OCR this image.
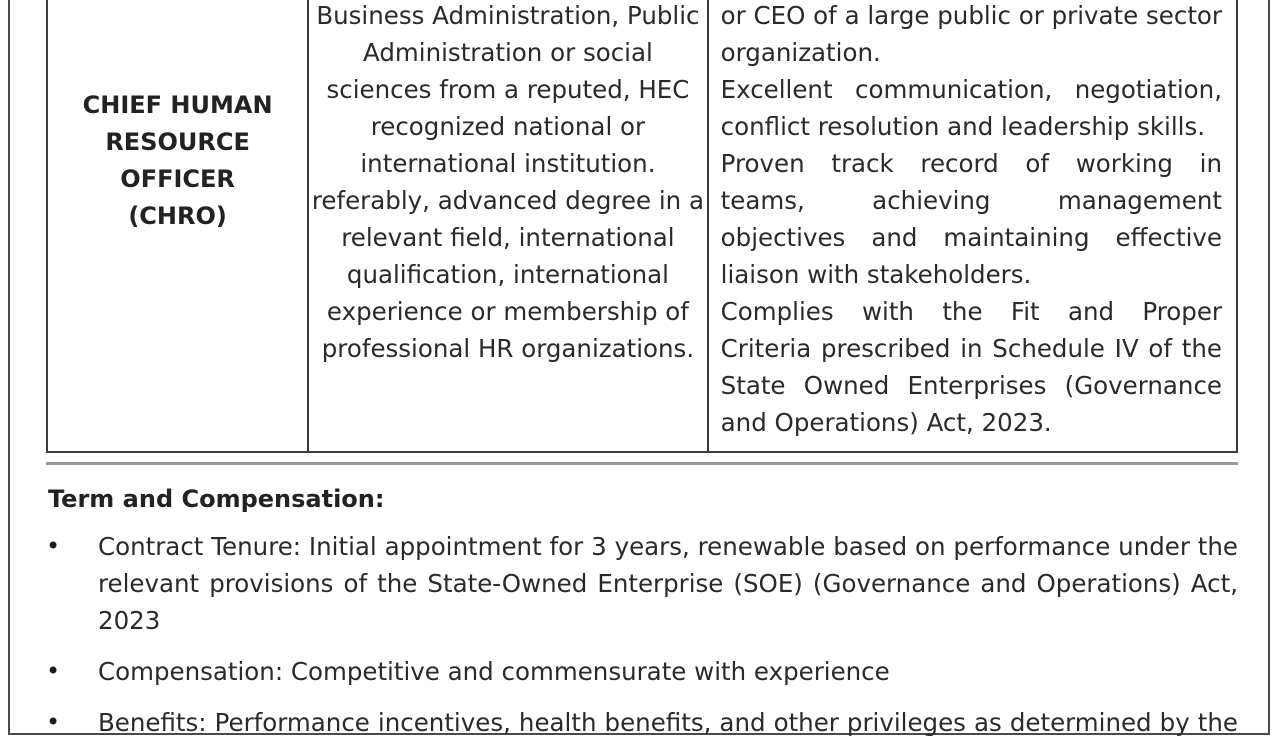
CHIEF HUMAN
RESOURCE OFFICER
(CHRO)
Business Administration, Public
Administration or social
sciences from a reputed, HEC
recognized national or
international institution.
referably, advanced degree in a
relevant field, international
qualification, international
experience or membership of
professional HR organizations.
or CEO of a large public or private sector
organization.
Excellent communication, negotiation,
conflict resolution and leadership skills.
Proven track record of working in
teams, achieving management
objectives and maintaining effective
liaison with stakeholders.
Complies with the Fit and Proper
Criteria prescribed in Schedule IV of the
State Owned Enterprises (Governance
and Operations) Act, 2023.
Term and Compensation:
• Contract Tenure: Initial appointment for 3 years, renewable based on performance under the
relevant provisions of the State-Owned Enterprise (SOE) (Governance and Operations) Act,
2023
• Compensation: Competitive and commensurate with experience
• Benefits: Performance incentives, health benefits, and other privileges as determined by the
